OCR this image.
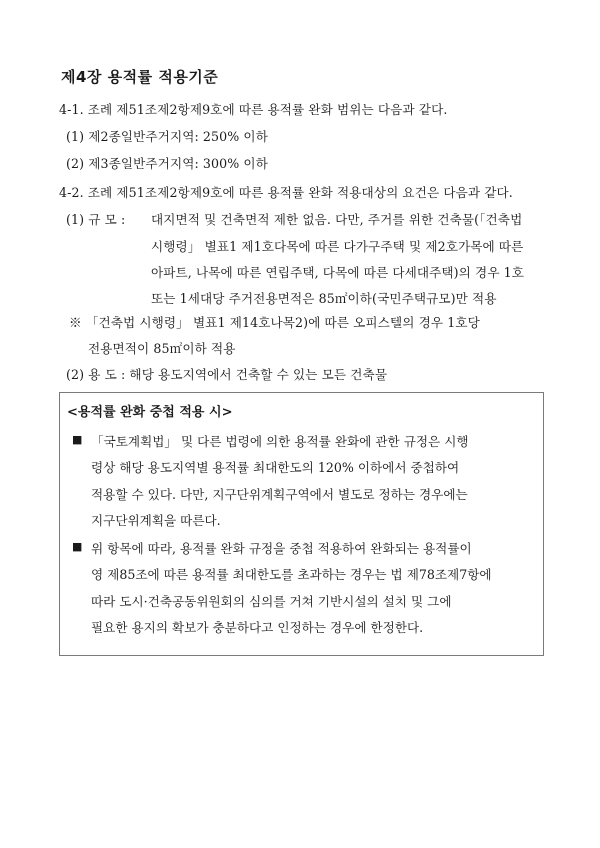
제4장 용적률 적용기준
4-1. 조례 제51조제2항제9호에 따른 용적률 완화 범위는 다음과 같다.
(1) 제2종일반주거지역: 250% 이하
(2) 제3종일반주거지역: 300% 이하
4-2. 조례 제51조제2항제9호에 따른 용적률 완화 적용대상의 요건은 다음과 같다.
(1) 규 모 : 대지면적 및 건축면적 제한 없음. 다만, 주거를 위한 건축물(「건축법
시행령」 별표1 제1호다목에 따른 다가구주택 및 제2호가목에 따른
아파트, 나목에 따른 연립주택, 다목에 따른 다세대주택)의 경우 1호
또는 1세대당 주거전용면적은 85㎡이하(국민주택규모)만 적용
※ 「건축법 시행령」 별표1 제14호나목2)에 따른 오피스텔의 경우 1호당
전용면적이 85㎡이하 적용
(2) 용 도 : 해당 용도지역에서 건축할 수 있는 모든 건축물
<용적률 완화 중첩 적용 시>
■ 「국토계획법」 및 다른 법령에 의한 용적률 완화에 관한 규정은 시행
령상 해당 용도지역별 용적률 최대한도의 120% 이하에서 중첩하여
적용할 수 있다. 다만, 지구단위계획구역에서 별도로 정하는 경우에는
지구단위계획을 따른다.
■ 위 항목에 따라, 용적률 완화 규정을 중첩 적용하여 완화되는 용적률이
영 제85조에 따른 용적률 최대한도를 초과하는 경우는 법 제78조제7항에
따라 도시·건축공동위원회의 심의를 거쳐 기반시설의 설치 및 그에
필요한 용지의 확보가 충분하다고 인정하는 경우에 한정한다.
